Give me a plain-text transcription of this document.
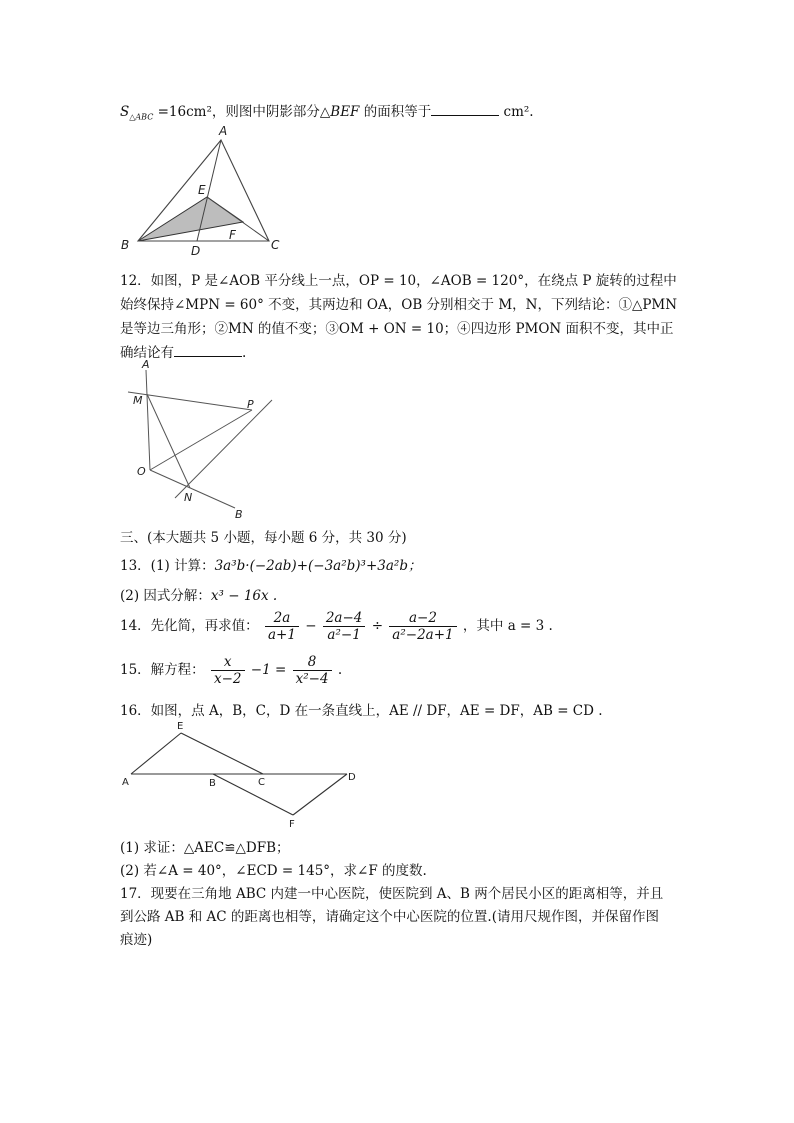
$S_{\triangle ABC} =16cm^2$，则图中阴影部分△BEF 的面积等于	cm².
A
E
F
B	D	C
12．如图，P 是∠AOB 平分线上一点，OP = 10，∠AOB = 120°，在绕点 P 旋转的过程中
始终保持∠MPN = 60° 不变，其两边和 OA，OB 分别相交于 M，N，下列结论：①△PMN
是等边三角形；②MN 的值不变；③OM + ON = 10；④四边形 PMON 面积不变，其中正
确结论有	.
A
M	P
O
N
B
三、(本大题共 5 小题，每小题 6 分，共 30 分)
13．(1) 计算：3a³b·(−2ab)+(−3a²b)³+3a²b；
(2) 因式分解：x³ − 16x .
14．先化简，再求值： $\frac{2a}{a+1} - \frac{2a-4}{\text{a²−1}} \div \frac{a-2}{\text{a²−2a+1}}$ ，其中 a = 3 .
15．解方程： $\frac{x}{x-2} -1 = \frac{8}{\text{x²−4}}$ .
16．如图，点 A，B，C，D 在一条直线上，AE // DF，AE = DF，AB = CD .
E
A	B	C	D
F
(1) 求证：△AEC≌△DFB；
(2) 若∠A = 40°，∠ECD = 145°，求∠F 的度数.
17．现要在三角地 ABC 内建一中心医院，使医院到 A、B 两个居民小区的距离相等，并且
到公路 AB 和 AC 的距离也相等，请确定这个中心医院的位置.(请用尺规作图，并保留作图
痕迹)
